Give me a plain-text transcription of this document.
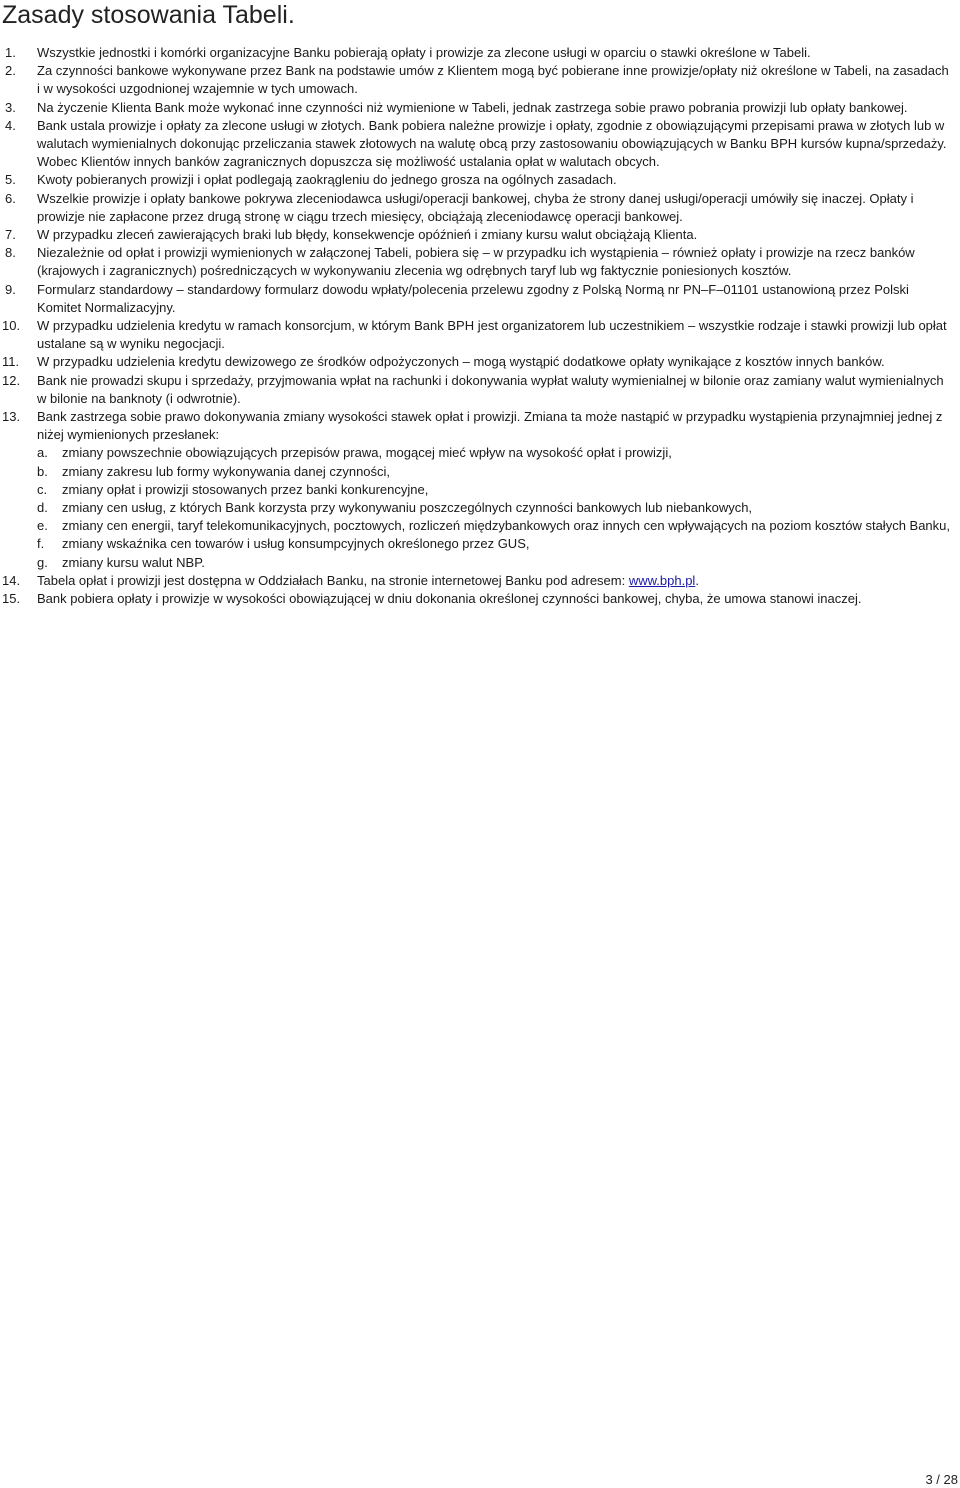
Zasady stosowania Tabeli.
1. Wszystkie jednostki i komórki organizacyjne Banku pobierają opłaty i prowizje za zlecone usługi w oparciu o stawki określone w Tabeli.
2. Za czynności bankowe wykonywane przez Bank na podstawie umów z Klientem mogą być pobierane inne prowizje/opłaty niż określone w Tabeli, na zasadach i w wysokości uzgodnionej wzajemnie w tych umowach.
3. Na życzenie Klienta Bank może wykonać inne czynności niż wymienione w Tabeli, jednak zastrzega sobie prawo pobrania prowizji lub opłaty bankowej.
4. Bank ustala prowizje i opłaty za zlecone usługi w złotych. Bank pobiera należne prowizje i opłaty, zgodnie z obowiązującymi przepisami prawa w złotych lub w walutach wymienialnych dokonując przeliczania stawek złotowych na walutę obcą przy zastosowaniu obowiązujących w Banku BPH kursów kupna/sprzedaży. Wobec Klientów innych banków zagranicznych dopuszcza się możliwość ustalania opłat w walutach obcych.
5. Kwoty pobieranych prowizji i opłat podlegają zaokrągleniu do jednego grosza na ogólnych zasadach.
6. Wszelkie prowizje i opłaty bankowe pokrywa zleceniodawca usługi/operacji bankowej, chyba że strony danej usługi/operacji umówiły się inaczej. Opłaty i prowizje nie zapłacone przez drugą stronę w ciągu trzech miesięcy, obciążają zleceniodawcę operacji bankowej.
7. W przypadku zleceń zawierających braki lub błędy, konsekwencje opóźnień i zmiany kursu walut obciążają Klienta.
8. Niezależnie od opłat i prowizji wymienionych w załączonej Tabeli, pobiera się – w przypadku ich wystąpienia – również opłaty i prowizje na rzecz banków (krajowych i zagranicznych) pośredniczących w wykonywaniu zlecenia wg odrębnych taryf lub wg faktycznie poniesionych kosztów.
9. Formularz standardowy – standardowy formularz dowodu wpłaty/polecenia przelewu zgodny z Polską Normą nr PN–F–01101 ustanowioną przez Polski Komitet Normalizacyjny.
10. W przypadku udzielenia kredytu w ramach konsorcjum, w którym Bank BPH jest organizatorem lub uczestnikiem – wszystkie rodzaje i stawki prowizji lub opłat ustalane są w wyniku negocjacji.
11. W przypadku udzielenia kredytu dewizowego ze środków odpożyczonych – mogą wystąpić dodatkowe opłaty wynikające z kosztów innych banków.
12. Bank nie prowadzi skupu i sprzedaży, przyjmowania wpłat na rachunki i dokonywania wypłat waluty wymienialnej w bilonie oraz zamiany walut wymienialnych w bilonie na banknoty (i odwrotnie).
13. Bank zastrzega sobie prawo dokonywania zmiany wysokości stawek opłat i prowizji. Zmiana ta może nastąpić w przypadku wystąpienia przynajmniej jednej z niżej wymienionych przesłanek:
a. zmiany powszechnie obowiązujących przepisów prawa, mogącej mieć wpływ na wysokość opłat i prowizji,
b. zmiany zakresu lub formy wykonywania danej czynności,
c. zmiany opłat i prowizji stosowanych przez banki konkurencyjne,
d. zmiany cen usług, z których Bank korzysta przy wykonywaniu poszczególnych czynności bankowych lub niebankowych,
e. zmiany cen energii, taryf telekomunikacyjnych, pocztowych, rozliczeń międzybankowych oraz innych cen wpływających na poziom kosztów stałych Banku,
f. zmiany wskaźnika cen towarów i usług konsumpcyjnych określonego przez GUS,
g. zmiany kursu walut NBP.
14. Tabela opłat i prowizji jest dostępna w Oddziałach Banku, na stronie internetowej Banku pod adresem: www.bph.pl.
15. Bank pobiera opłaty i prowizje w wysokości obowiązującej w dniu dokonania określonej czynności bankowej, chyba, że umowa stanowi inaczej.
3 / 28
